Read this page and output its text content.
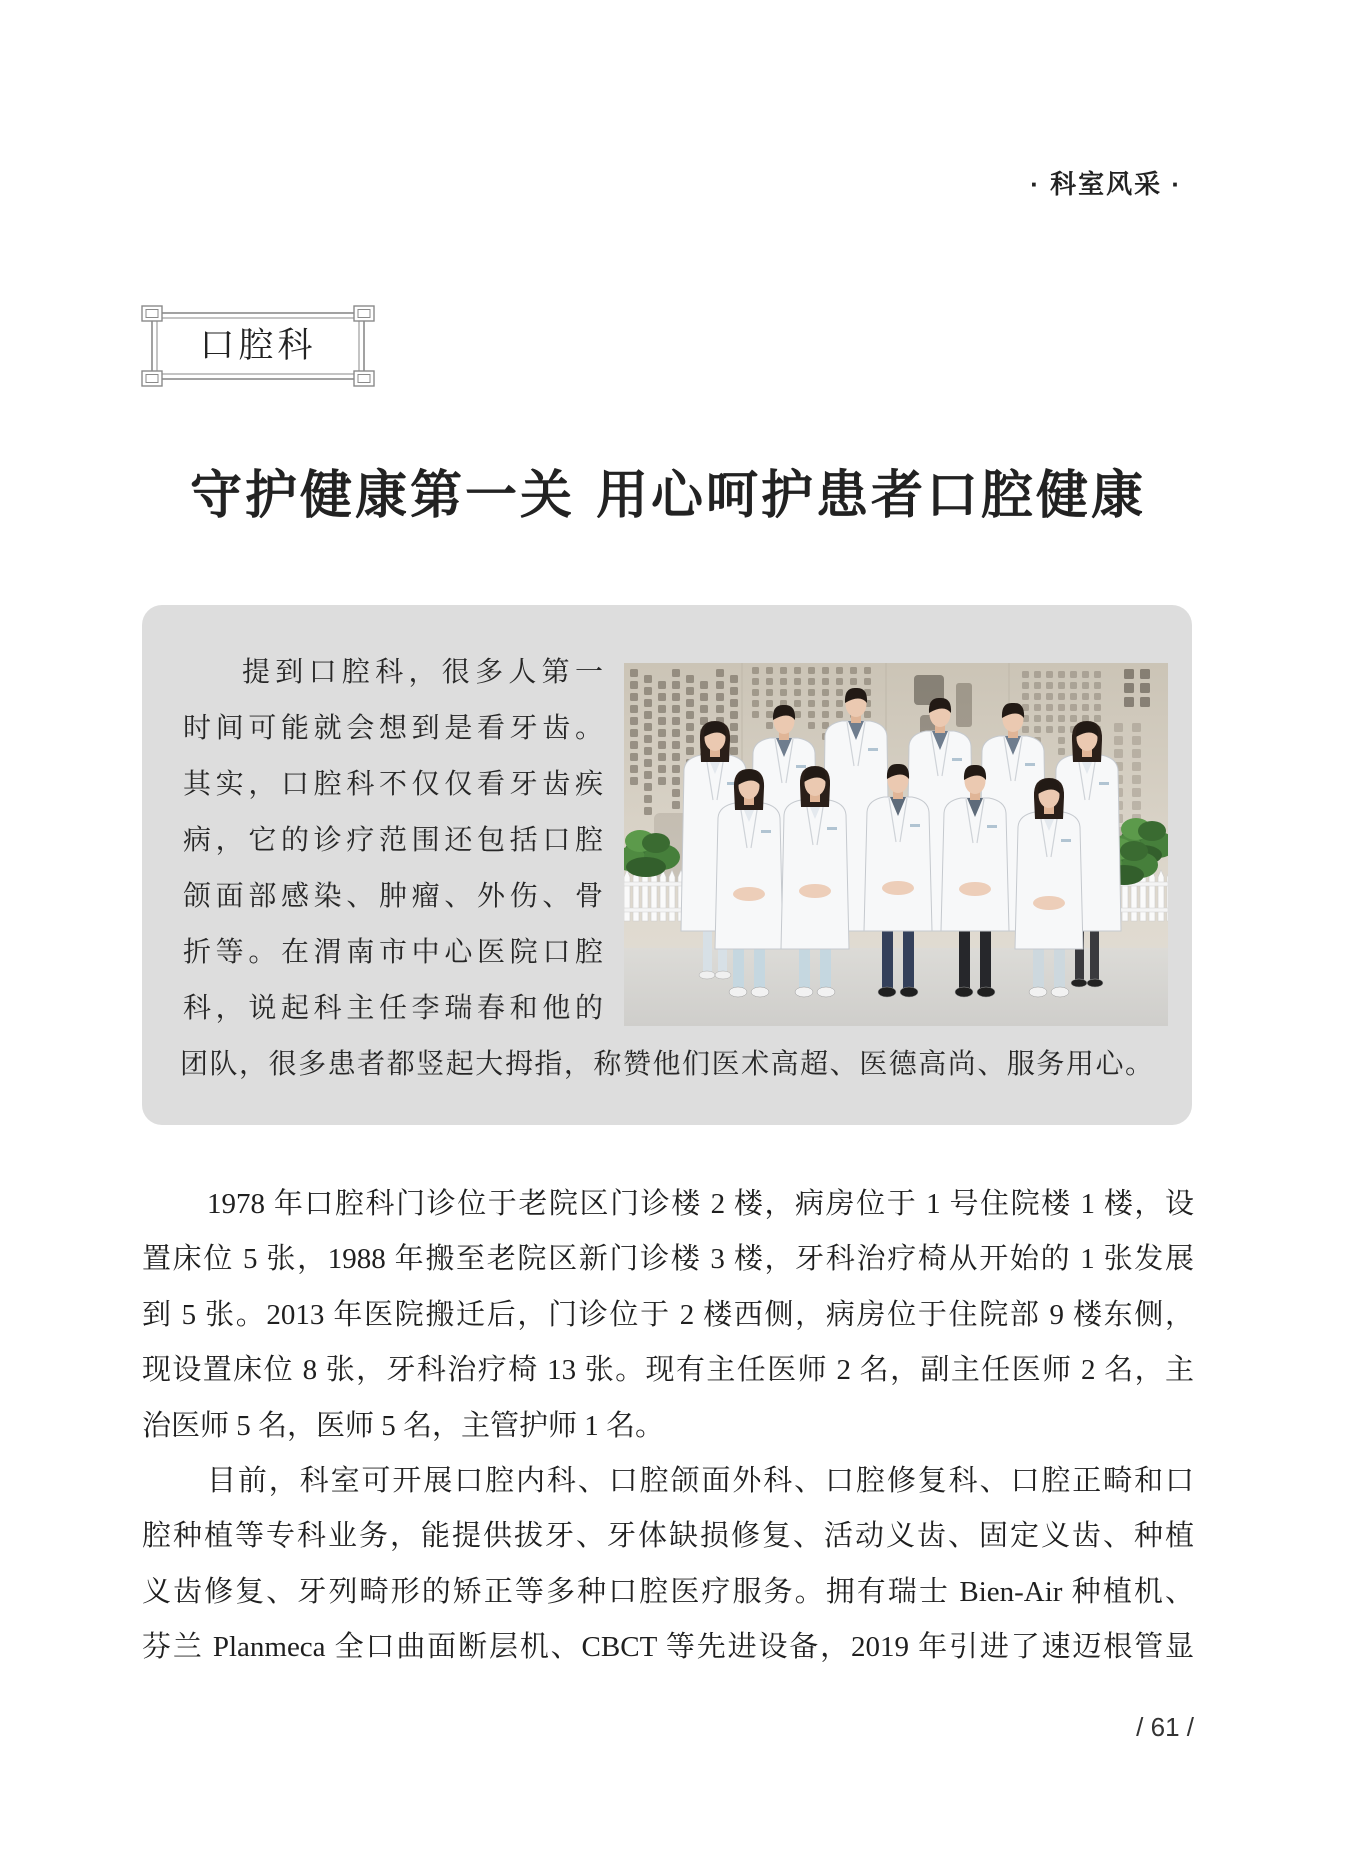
· 科室风采 ·
口腔科
守护健康第一关 用心呵护患者口腔健康
提到口腔科，很多人第一
时间可能就会想到是看牙齿。
其实，口腔科不仅仅看牙齿疾
病，它的诊疗范围还包括口腔
颌面部感染、肿瘤、外伤、骨
折等。在渭南市中心医院口腔
科，说起科主任李瑞春和他的
团队，很多患者都竖起大拇指，称赞他们医术高超、医德高尚、服务用心。
1978 年口腔科门诊位于老院区门诊楼 2 楼，病房位于 1 号住院楼 1 楼，设
置床位 5 张，1988 年搬至老院区新门诊楼 3 楼，牙科治疗椅从开始的 1 张发展
到 5 张。2013 年医院搬迁后，门诊位于 2 楼西侧，病房位于住院部 9 楼东侧，
现设置床位 8 张，牙科治疗椅 13 张。现有主任医师 2 名，副主任医师 2 名，主
治医师 5 名，医师 5 名，主管护师 1 名。
目前，科室可开展口腔内科、口腔颌面外科、口腔修复科、口腔正畸和口
腔种植等专科业务，能提供拔牙、牙体缺损修复、活动义齿、固定义齿、种植
义齿修复、牙列畸形的矫正等多种口腔医疗服务。拥有瑞士 Bien-Air 种植机、
芬兰 Planmeca 全口曲面断层机、CBCT 等先进设备，2019 年引进了速迈根管显
/ 61 /
